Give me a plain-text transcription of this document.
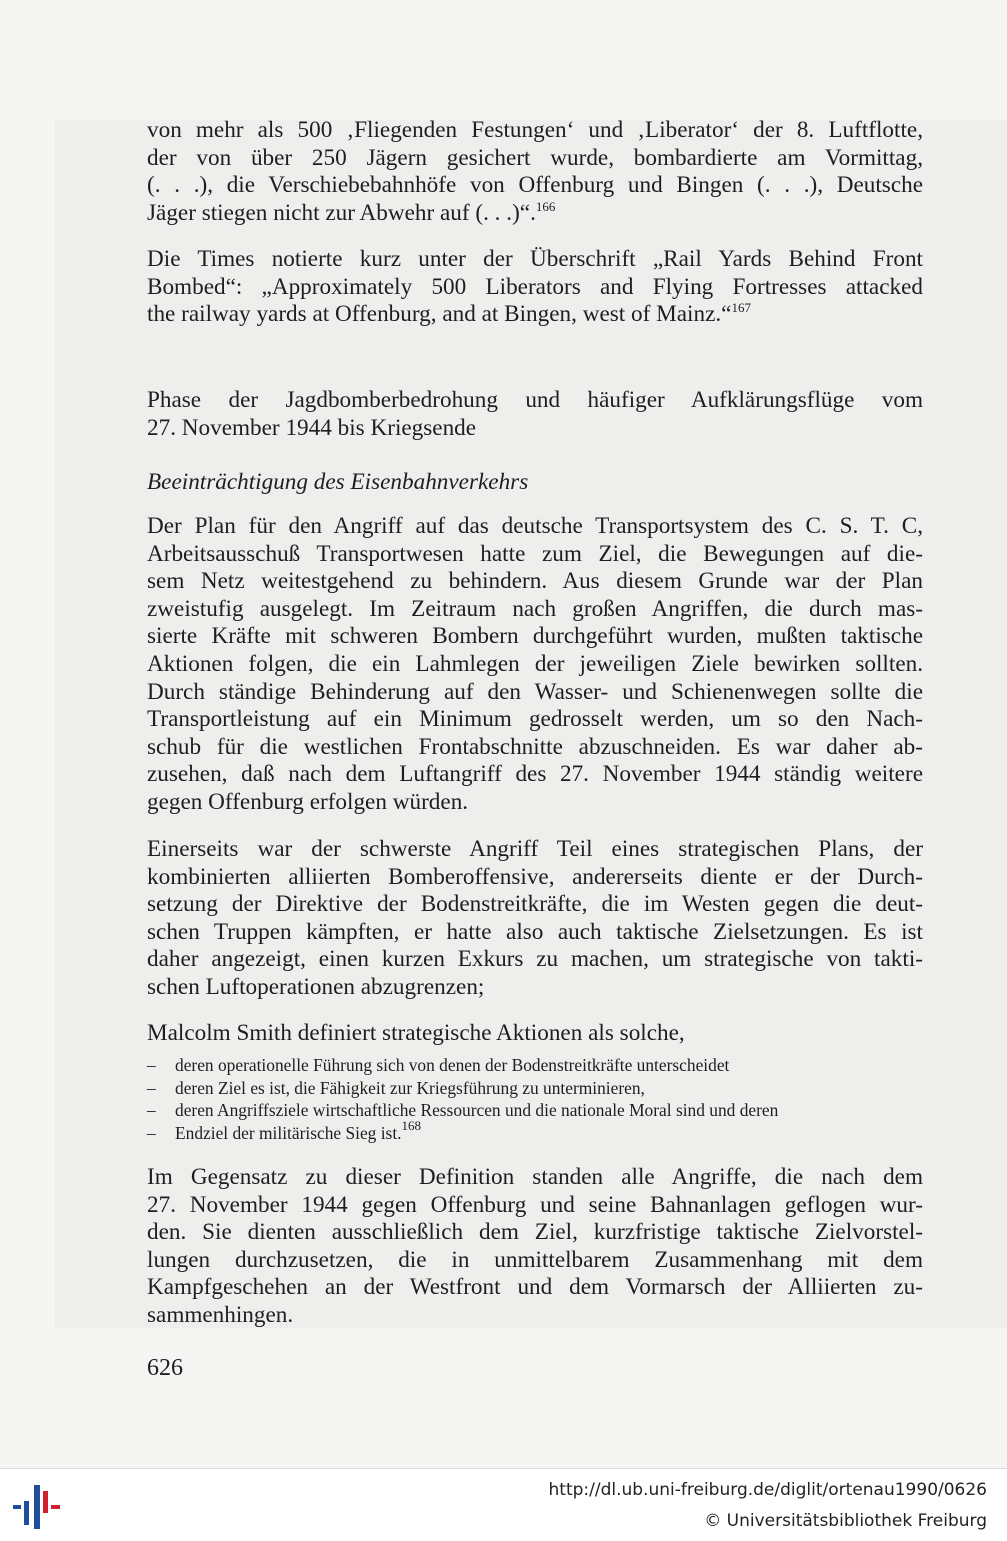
von mehr als 500 ‚Fliegenden Festungen‘ und ‚Liberator‘ der 8. Luftflotte,
der von über 250 Jägern gesichert wurde, bombardierte am Vormittag,
(. . .), die Verschiebebahnhöfe von Offenburg und Bingen (. . .), Deutsche
Jäger stiegen nicht zur Abwehr auf (. . .)“.$^{166}$
Die Times notierte kurz unter der Überschrift „Rail Yards Behind Front
Bombed“: „Approximately 500 Liberators and Flying Fortresses attacked
the railway yards at Offenburg, and at Bingen, west of Mainz.“$^{167}$
Phase der Jagdbomberbedrohung und häufiger Aufklärungsflüge vom
27. November 1944 bis Kriegsende
Beeinträchtigung des Eisenbahnverkehrs
Der Plan für den Angriff auf das deutsche Transportsystem des C. S. T. C,
Arbeitsausschuß Transportwesen hatte zum Ziel, die Bewegungen auf die-
sem Netz weitestgehend zu behindern. Aus diesem Grunde war der Plan
zweistufig ausgelegt. Im Zeitraum nach großen Angriffen, die durch mas-
sierte Kräfte mit schweren Bombern durchgeführt wurden, mußten taktische
Aktionen folgen, die ein Lahmlegen der jeweiligen Ziele bewirken sollten.
Durch ständige Behinderung auf den Wasser- und Schienenwegen sollte die
Transportleistung auf ein Minimum gedrosselt werden, um so den Nach-
schub für die westlichen Frontabschnitte abzuschneiden. Es war daher ab-
zusehen, daß nach dem Luftangriff des 27. November 1944 ständig weitere
gegen Offenburg erfolgen würden.
Einerseits war der schwerste Angriff Teil eines strategischen Plans, der
kombinierten alliierten Bomberoffensive, andererseits diente er der Durch-
setzung der Direktive der Bodenstreitkräfte, die im Westen gegen die deut-
schen Truppen kämpften, er hatte also auch taktische Zielsetzungen. Es ist
daher angezeigt, einen kurzen Exkurs zu machen, um strategische von takti-
schen Luftoperationen abzugrenzen;
Malcolm Smith definiert strategische Aktionen als solche,
–	deren operationelle Führung sich von denen der Bodenstreitkräfte unterscheidet
–	deren Ziel es ist, die Fähigkeit zur Kriegsführung zu unterminieren,
–	deren Angriffsziele wirtschaftliche Ressourcen und die nationale Moral sind und deren
–	Endziel der militärische Sieg ist.$^{168}$
Im Gegensatz zu dieser Definition standen alle Angriffe, die nach dem
27. November 1944 gegen Offenburg und seine Bahnanlagen geflogen wur-
den. Sie dienten ausschließlich dem Ziel, kurzfristige taktische Zielvorstel-
lungen durchzusetzen, die in unmittelbarem Zusammenhang mit dem
Kampfgeschehen an der Westfront und dem Vormarsch der Alliierten zu-
sammenhingen.
626
http://dl.ub.uni-freiburg.de/diglit/ortenau1990/0626
© Universitätsbibliothek Freiburg
